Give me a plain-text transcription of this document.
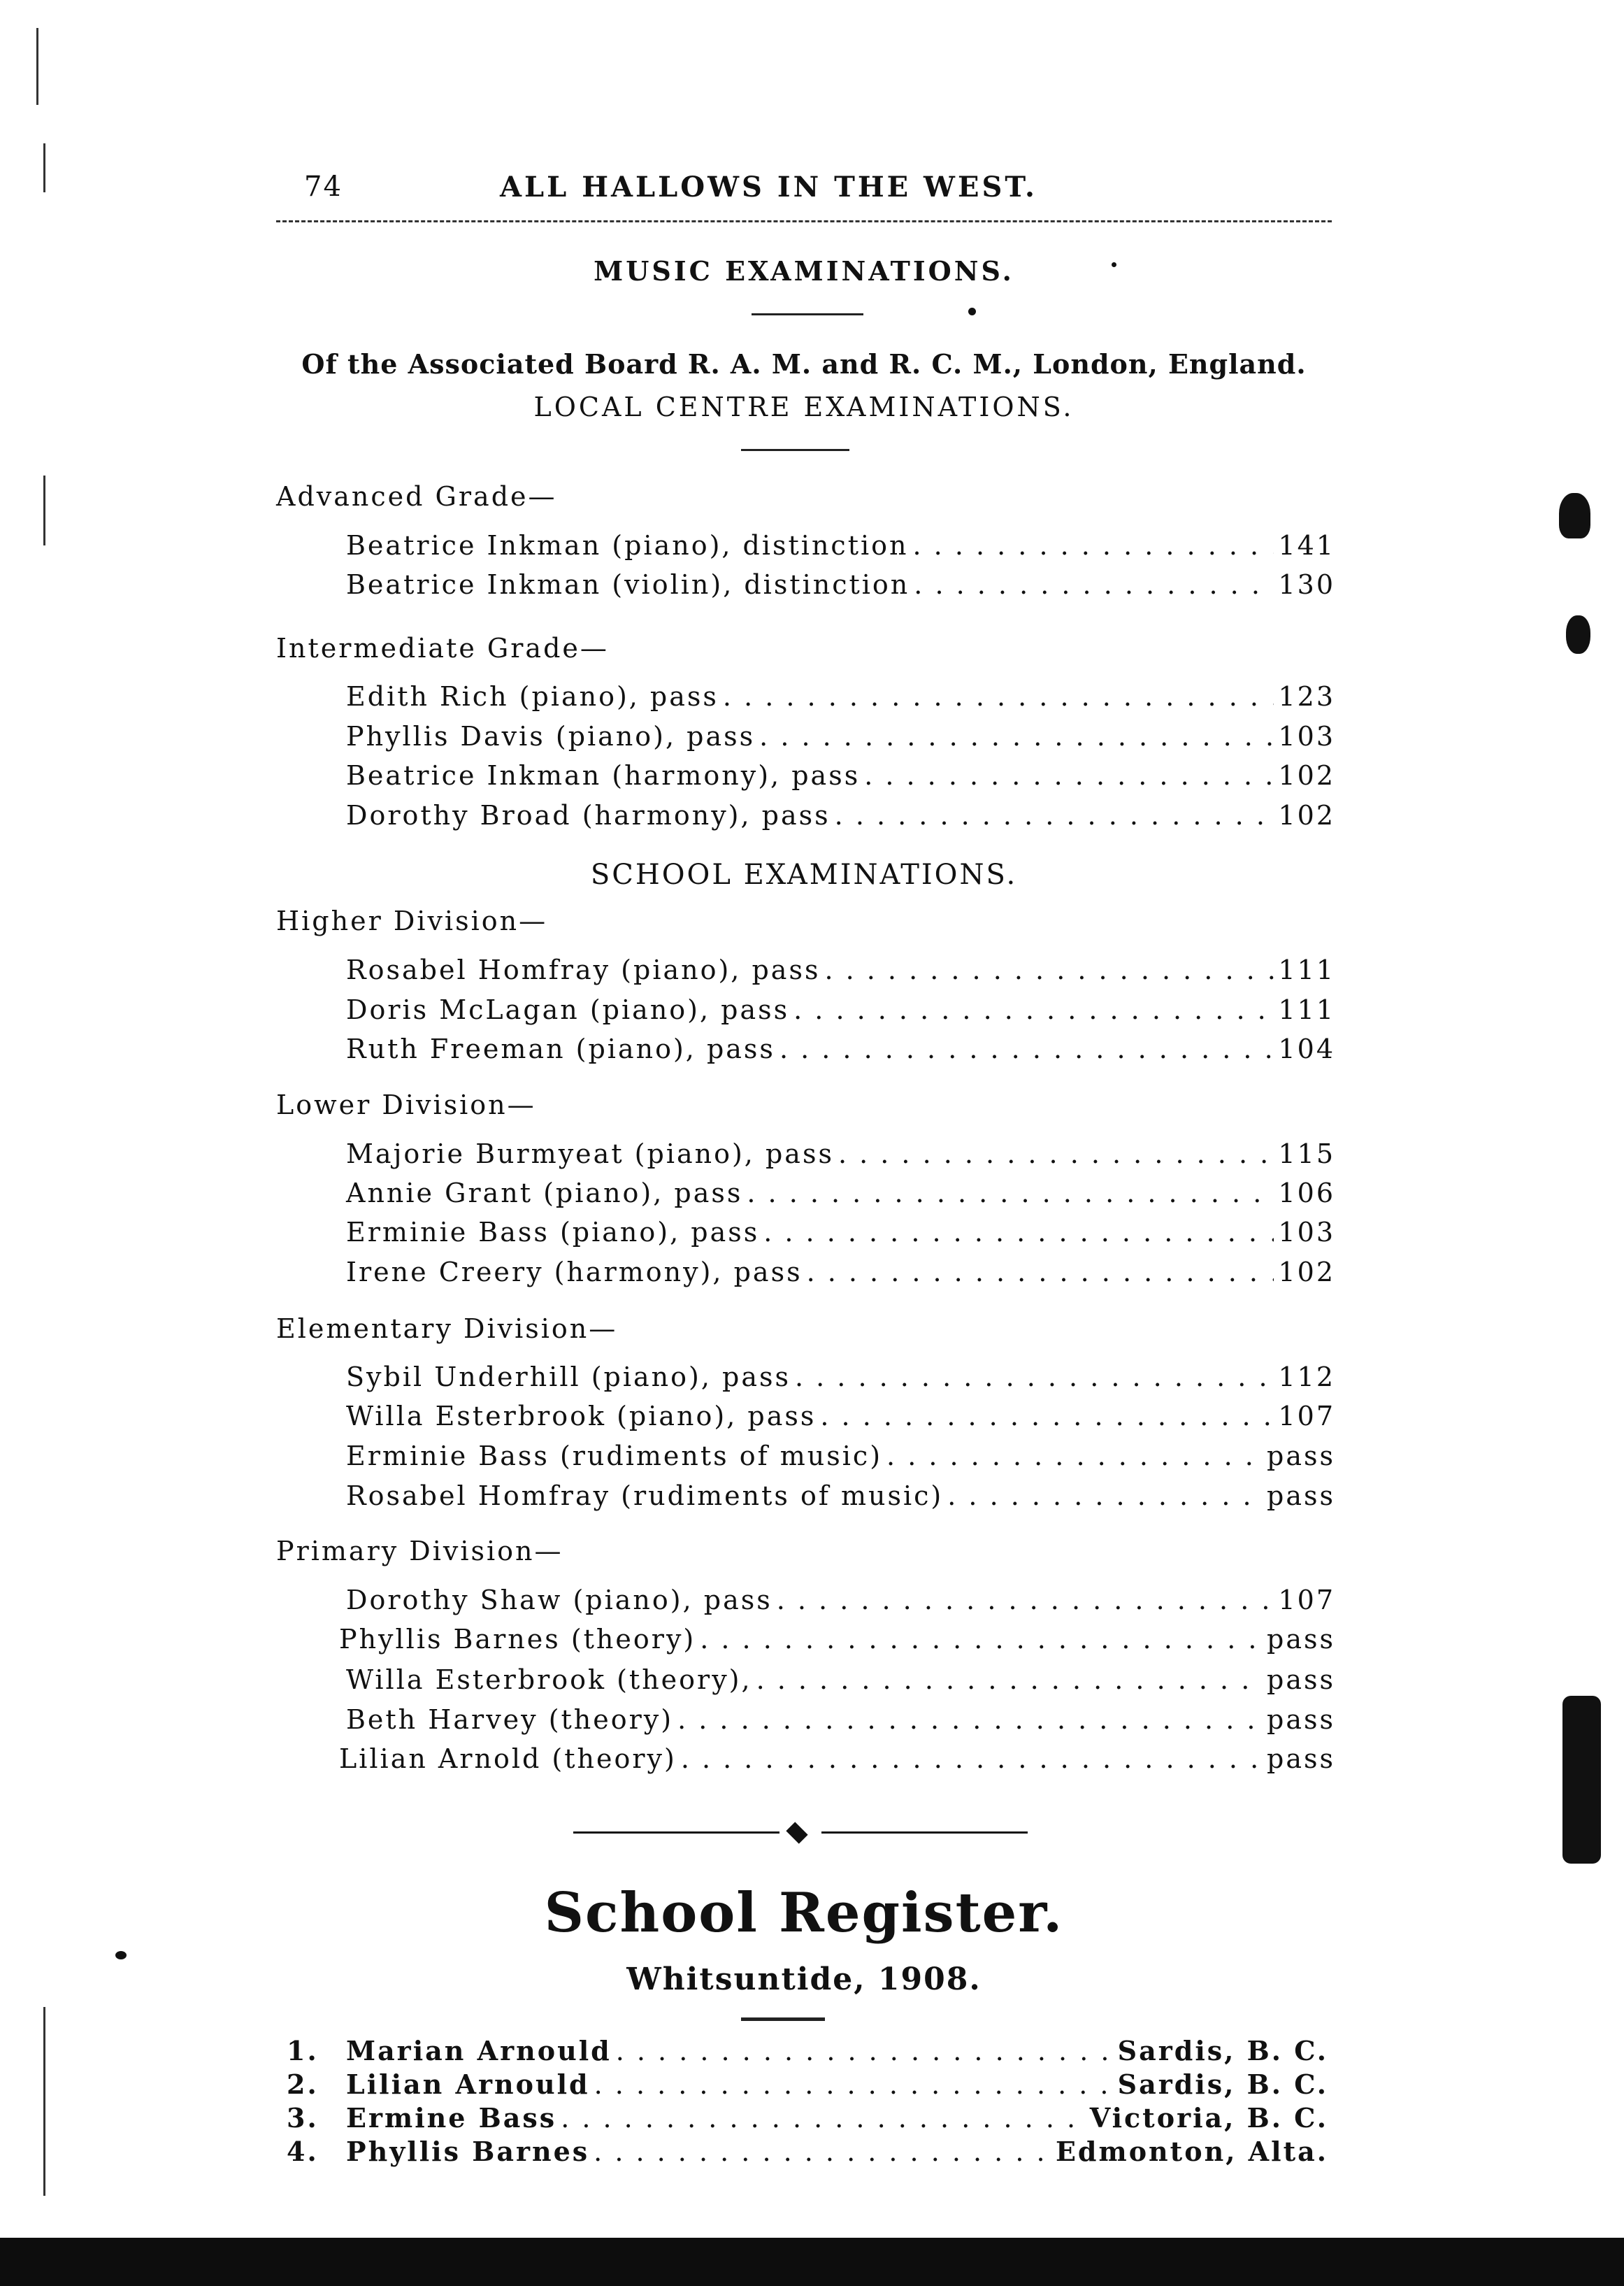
74	ALL HALLOWS IN THE WEST.
MUSIC EXAMINATIONS.
Of the Associated Board R. A. M. and R. C. M., London, England.
LOCAL CENTRE EXAMINATIONS.
Advanced Grade—
Beatrice Inkman (piano), distinction . . .	141
Beatrice Inkman (violin), distinction . . .	130
Intermediate Grade—
Edith Rich (piano), pass . . .	123
Phyllis Davis (piano), pass . . .	103
Beatrice Inkman (harmony), pass . . .	102
Dorothy Broad (harmony), pass . . .	102
SCHOOL EXAMINATIONS.
Higher Division—
Rosabel Homfray (piano), pass . . .	111
Doris McLagan (piano), pass . . .	111
Ruth Freeman (piano), pass . . .	104
Lower Division—
Majorie Burmyeat (piano), pass . . .	115
Annie Grant (piano), pass . . .	106
Erminie Bass (piano), pass . . .	103
Irene Creery (harmony), pass . . .	102
Elementary Division—
Sybil Underhill (piano), pass . . .	112
Willa Esterbrook (piano), pass . . .	107
Erminie Bass (rudiments of music) . . .	pass
Rosabel Homfray (rudiments of music) . . .	pass
Primary Division—
Dorothy Shaw (piano), pass . . .	107
Phyllis Barnes (theory) . . .	pass
Willa Esterbrook (theory), . . .	pass
Beth Harvey (theory) . . .	pass
Lilian Arnold (theory) . . .	pass
School Register.
Whitsuntide, 1908.
1.	Marian Arnould . . .	Sardis, B. C.
2.	Lilian Arnould . . .	Sardis, B. C.
3.	Ermine Bass . . .	Victoria, B. C.
4.	Phyllis Barnes . . .	Edmonton, Alta.
